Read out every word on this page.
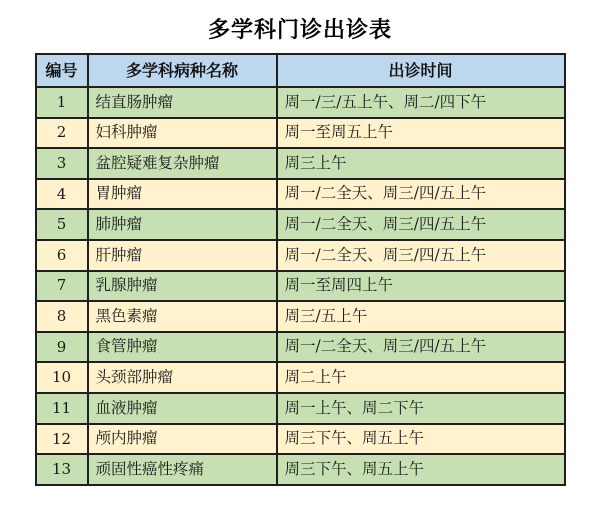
多学科门诊出诊表
编号	多学科病种名称	出诊时间
1	结直肠肿瘤	周一/三/五上午、周二/四下午
2	妇科肿瘤	周一至周五上午
3	盆腔疑难复杂肿瘤	周三上午
4	胃肿瘤	周一/二全天、周三/四/五上午
5	肺肿瘤	周一/二全天、周三/四/五上午
6	肝肿瘤	周一/二全天、周三/四/五上午
7	乳腺肿瘤	周一至周四上午
8	黑色素瘤	周三/五上午
9	食管肿瘤	周一/二全天、周三/四/五上午
10	头颈部肿瘤	周二上午
11	血液肿瘤	周一上午、周二下午
12	颅内肿瘤	周三下午、周五上午
13	顽固性癌性疼痛	周三下午、周五上午
